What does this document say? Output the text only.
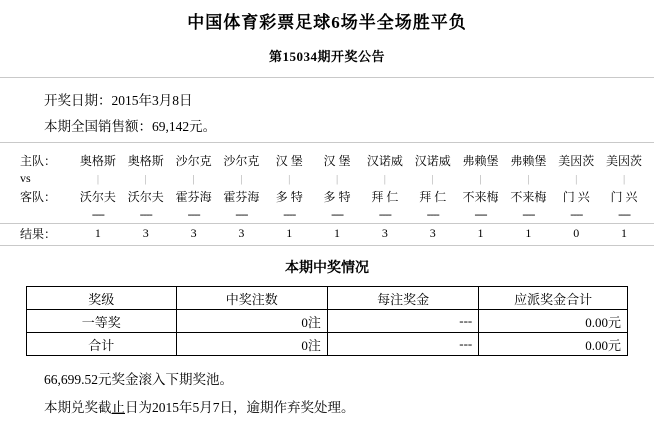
中国体育彩票足球6场半全场胜平负
第15034期开奖公告
开奖日期：2015年3月8日
本期全国销售额：69,142元。
主队：	奥格斯	奥格斯	沙尔克	沙尔克	汉 堡	汉 堡	汉诺威	汉诺威	弗赖堡	弗赖堡	美因茨	美因茨
vs	|	|	|	|	|	|	|	|	|	|	|	|
客队：	沃尔夫	沃尔夫	霍芬海	霍芬海	多 特	多 特	拜 仁	拜 仁	不来梅	不来梅	门 兴	门 兴
	----	----	----	----	----	----	----	----	----	----	----	----
结果：	1	3	3	3	1	1	3	3	1	1	0	1
本期中奖情况
奖级	中奖注数	每注奖金	应派奖金合计
一等奖	0注	---	0.00元
合计	0注	---	0.00元
66,699.52元奖金滚入下期奖池。
本期兑奖截止日为2015年5月7日，逾期作弃奖处理。
